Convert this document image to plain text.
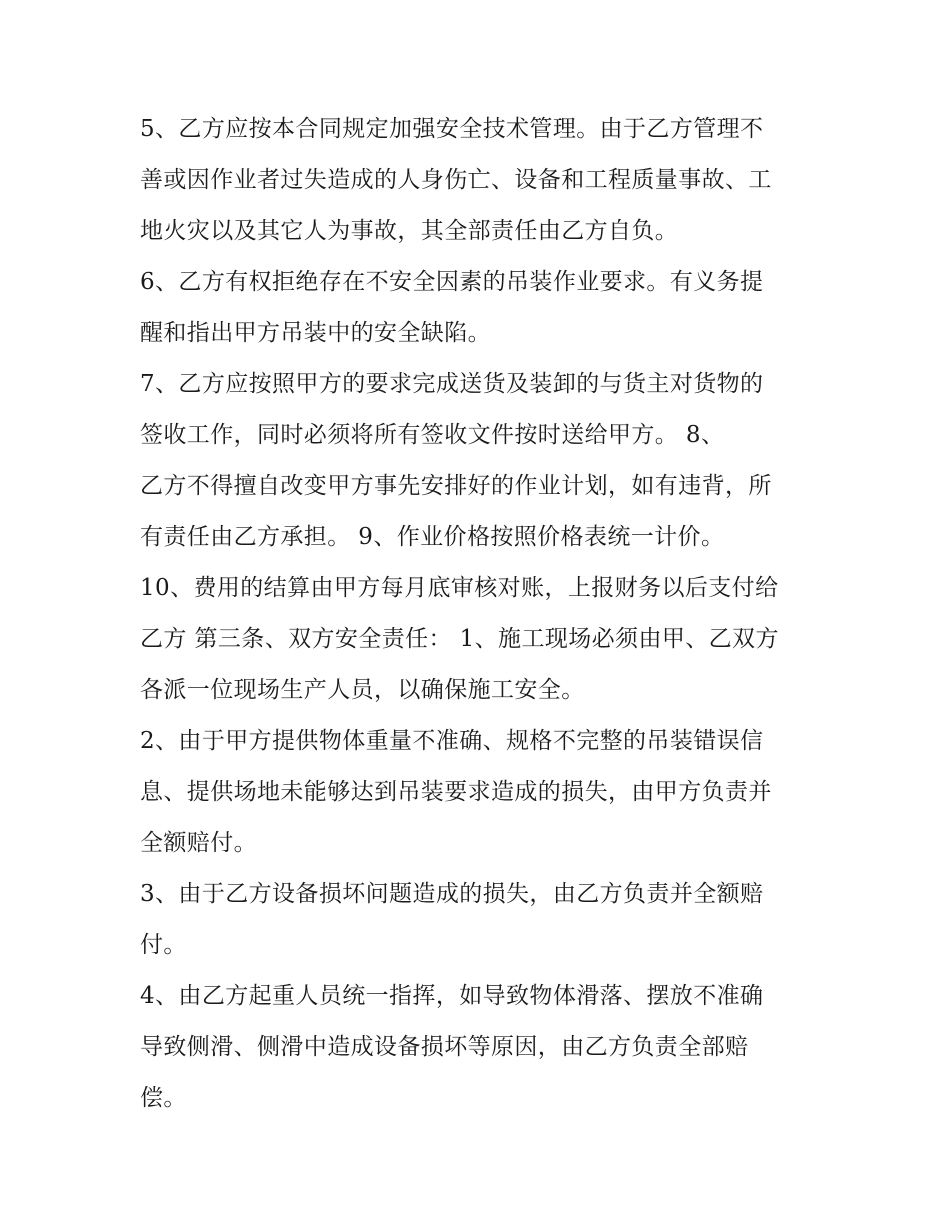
5、乙方应按本合同规定加强安全技术管理。由于乙方管理不
善或因作业者过失造成的人身伤亡、设备和工程质量事故、工
地火灾以及其它人为事故，其全部责任由乙方自负。
6、乙方有权拒绝存在不安全因素的吊装作业要求。有义务提
醒和指出甲方吊装中的安全缺陷。
7、乙方应按照甲方的要求完成送货及装卸的与货主对货物的
签收工作，同时必须将所有签收文件按时送给甲方。 8、
乙方不得擅自改变甲方事先安排好的作业计划，如有违背，所
有责任由乙方承担。 9、作业价格按照价格表统一计价。
10、费用的结算由甲方每月底审核对账，上报财务以后支付给
乙方 第三条、双方安全责任： 1、施工现场必须由甲、乙双方
各派一位现场生产人员，以确保施工安全。
2、由于甲方提供物体重量不准确、规格不完整的吊装错误信
息、提供场地未能够达到吊装要求造成的损失，由甲方负责并
全额赔付。
3、由于乙方设备损坏问题造成的损失，由乙方负责并全额赔
付。
4、由乙方起重人员统一指挥，如导致物体滑落、摆放不准确
导致侧滑、侧滑中造成设备损坏等原因，由乙方负责全部赔
偿。
